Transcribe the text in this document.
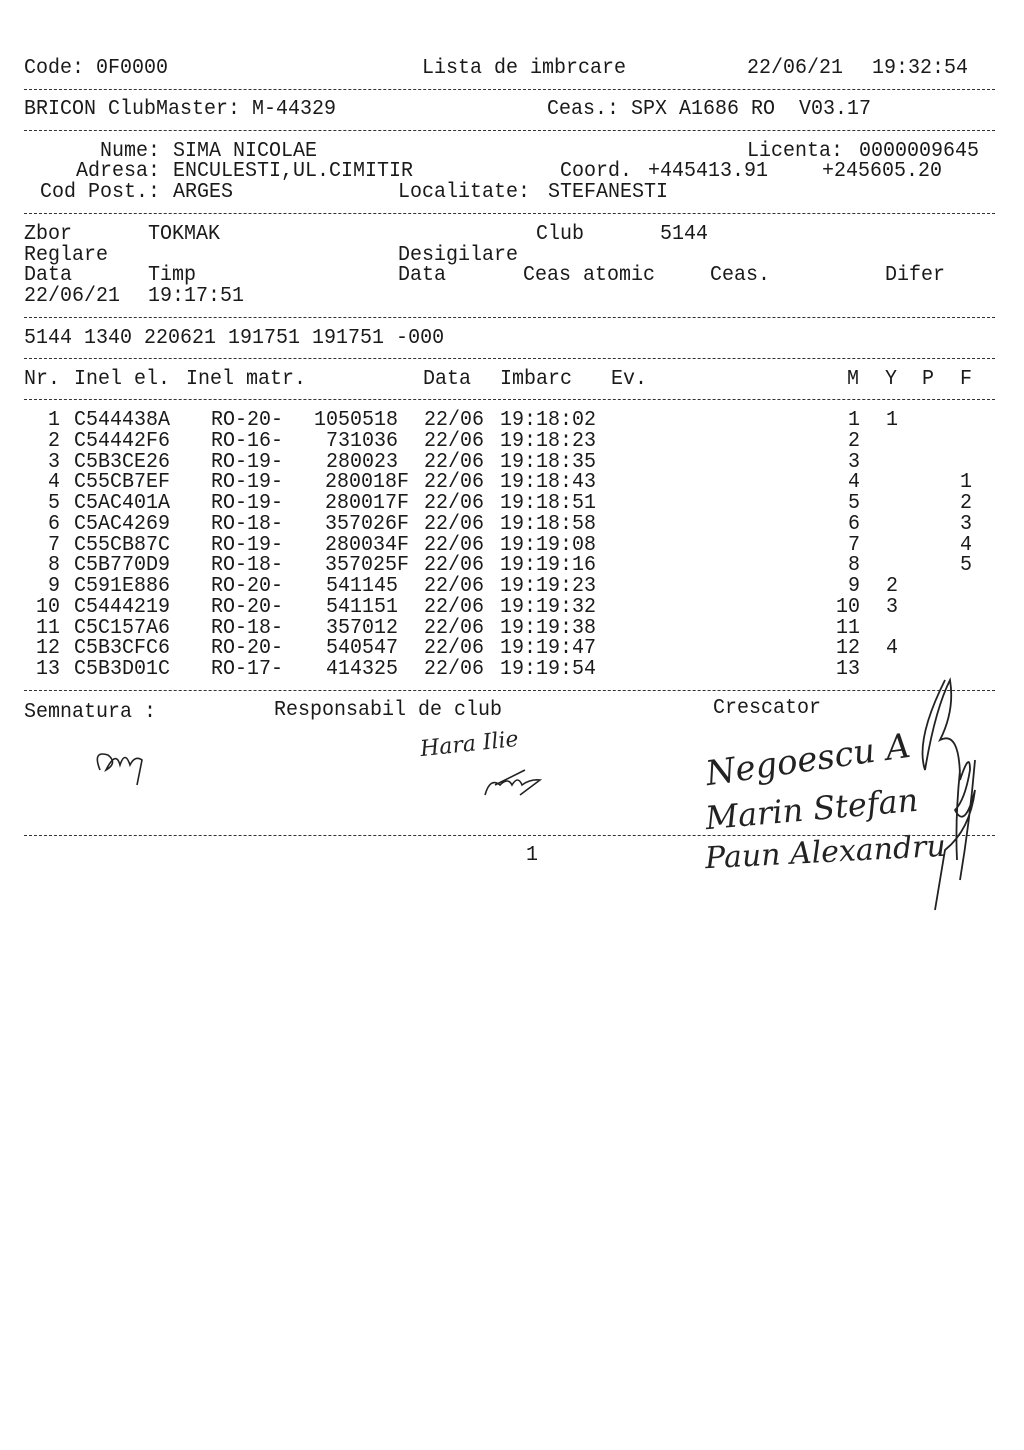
Code: 0F0000	Lista de imbrcare	22/06/21 19:32:54
BRICON ClubMaster: M-44329	Ceas.: SPX A1686 RO  V03.17
Nume: SIMA NICOLAE	Licenta: 0000009645
Adresa: ENCULESTI,UL.CIMITIR	Coord. +445413.91	+245605.20
Cod Post.: ARGES	Localitate: STEFANESTI
Zbor	TOKMAK	Club	5144
Reglare	Desigilare
Data	Timp	Data	Ceas atomic	Ceas.	Difer
22/06/21 19:17:51
5144 1340 220621 191751 191751 -000
Nr. Inel el. Inel matr.	Data Imbarc Ev.	M Y P F
1 C544438A RO-20- 1050518 22/06 19:18:02	1 1
2 C54442F6 RO-16-	731036 22/06 19:18:23	2
3 C5B3CE26 RO-19-	280023 22/06 19:18:35	3
4 C55CB7EF RO-19- 280018F 22/06 19:18:43	4	1
5 C5AC401A RO-19- 280017F 22/06 19:18:51	5	2
6 C5AC4269 RO-18- 357026F 22/06 19:18:58	6	3
7 C55CB87C RO-19- 280034F 22/06 19:19:08	7	4
8 C5B770D9 RO-18- 357025F 22/06 19:19:16	8	5
9 C591E886 RO-20-	541145 22/06 19:19:23	9 2
10 C5444219 RO-20-	541151 22/06 19:19:32	10 3
11 C5C157A6 RO-18-	357012 22/06 19:19:38	11
12 C5B3CFC6 RO-20-	540547 22/06 19:19:47	12 4
13 C5B3D01C RO-17-	414325 22/06 19:19:54	13
Semnatura :	Responsabil de club	Crescator
Hara Ilie	Negoescu A
Marin Stefan
Paun Alexandru
1
